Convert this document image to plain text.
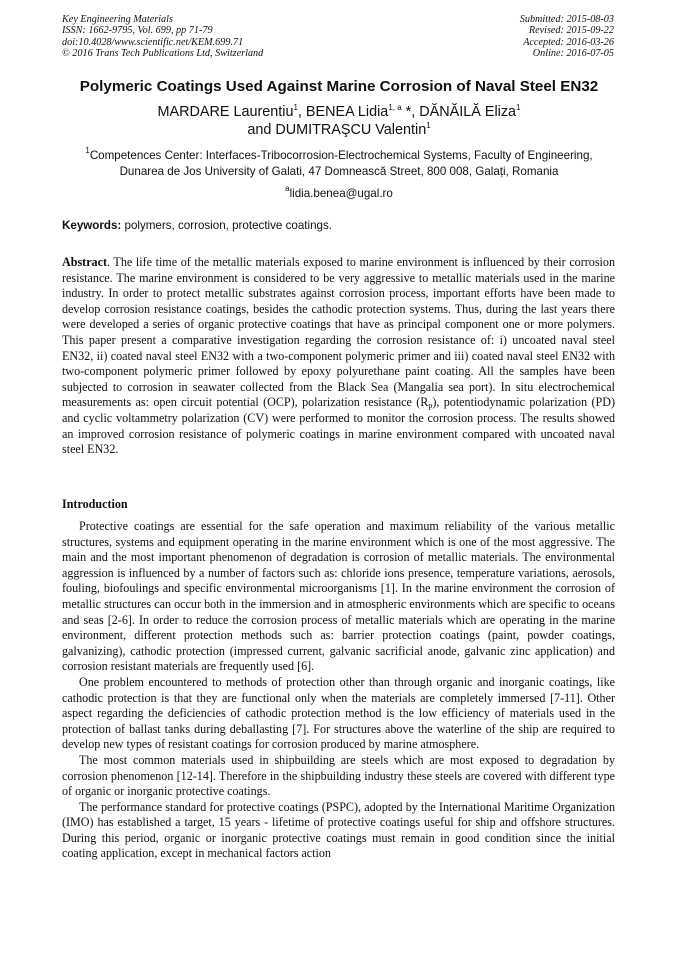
Key Engineering Materials
ISSN: 1662-9795, Vol. 699, pp 71-79
doi:10.4028/www.scientific.net/KEM.699.71
© 2016 Trans Tech Publications Ltd, Switzerland
Submitted: 2015-08-03
Revised: 2015-09-22
Accepted: 2016-03-26
Online: 2016-07-05
Polymeric Coatings Used Against Marine Corrosion of Naval Steel EN32
MARDARE Laurentiu$^1$, BENEA Lidia$^{1, a}$ *, DĂNĂILĂ Eliza$^1$
and DUMITRAŞCU Valentin$^1$
$^1$Competences Center: Interfaces-Tribocorrosion-Electrochemical Systems, Faculty of Engineering,
Dunarea de Jos University of Galati, 47 Domnească Street, 800 008, Galați, Romania
$^a$lidia.benea@ugal.ro
Keywords: polymers, corrosion, protective coatings.
Abstract. The life time of the metallic materials exposed to marine environment is influenced by their corrosion resistance. The marine environment is considered to be very aggressive to metallic materials used in the marine industry. In order to protect metallic substrates against corrosion process, important efforts have been made to develop corrosion resistance coatings, besides the cathodic protection systems. Thus, during the last years there were developed a series of organic protective coatings that have as principal component one or more polymers. This paper present a comparative investigation regarding the corrosion resistance of: i) uncoated naval steel EN32, ii) coated naval steel EN32 with a two-component polymeric primer and iii) coated naval steel EN32 with two-component polymeric primer followed by epoxy polyurethane paint coating. All the samples have been subjected to corrosion in seawater collected from the Black Sea (Mangalia sea port). In situ electrochemical measurements as: open circuit potential (OCP), polarization resistance $(R_p)$, potentiodynamic polarization (PD) and cyclic voltammetry polarization (CV) were performed to monitor the corrosion process. The results showed an improved corrosion resistance of polymeric coatings in marine environment compared with uncoated naval steel EN32.
Introduction

Protective coatings are essential for the safe operation and maximum reliability of the various metallic structures, systems and equipment operating in the marine environment which is one of the most aggressive. The main and the most important phenomenon of degradation is corrosion of metallic materials. The environmental aggression is influenced by a number of factors such as: chloride ions presence, temperature variations, aerosols, fouling, biofoulings and specific environmental microorganisms [1]. In the marine environment the corrosion of metallic structures can occur both in the immersion and in atmospheric environments which are specific to oceans and seas [2-6]. In order to reduce the corrosion process of metallic materials which are operating in the marine environment, different protection methods such as: barrier protection coatings (paint, powder coatings, galvanizing), cathodic protection (impressed current, galvanic sacrificial anode, galvanic zinc application) and corrosion resistant materials are frequently used [6].

One problem encountered to methods of protection other than through organic and inorganic coatings, like cathodic protection is that they are functional only when the materials are completely immersed [7-11]. Other aspect regarding the deficiencies of cathodic protection method is the low efficiency of materials used in the protection of ballast tanks during deballasting [7]. For structures above the waterline of the ship are required to develop new types of resistant coatings for corrosion produced by marine atmosphere.

The most common materials used in shipbuilding are steels which are most exposed to degradation by corrosion phenomenon [12-14]. Therefore in the shipbuilding industry these steels are covered with different type of organic or inorganic protective coatings.

The performance standard for protective coatings (PSPC), adopted by the International Maritime Organization (IMO) has established a target, 15 years - lifetime of protective coatings useful for ship and offshore structures. During this period, organic or inorganic protective coatings must remain in good condition since the initial coating application, except in mechanical factors action
